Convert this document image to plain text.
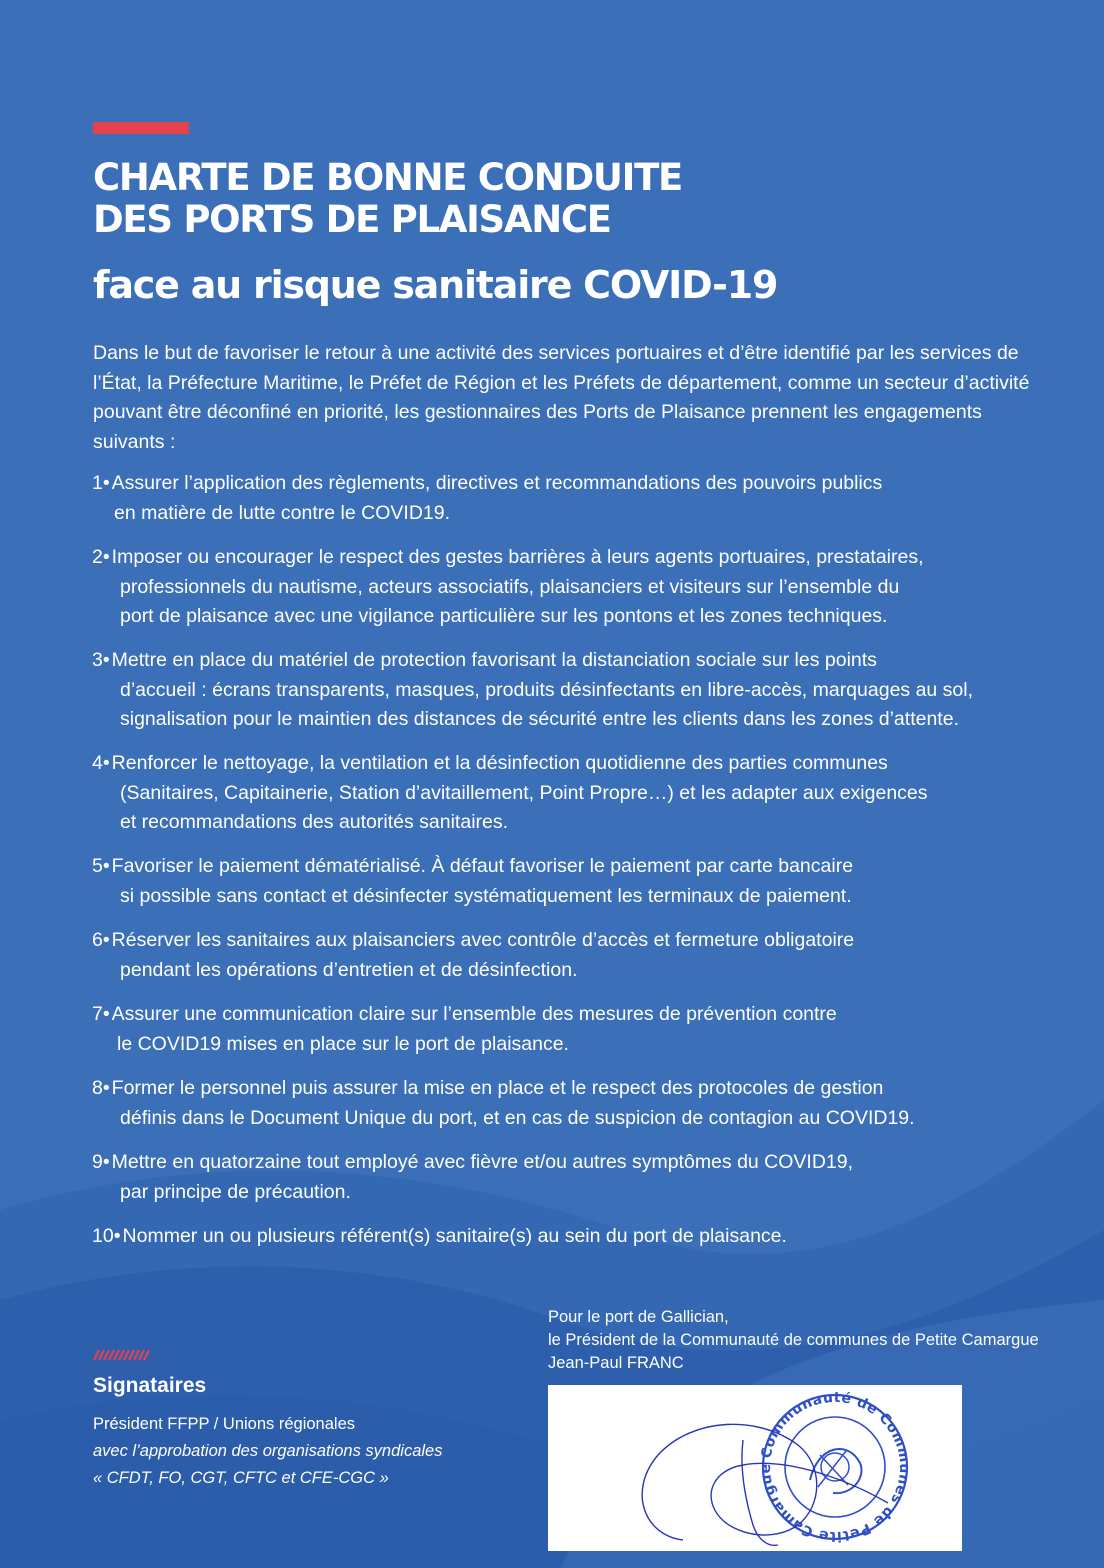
CHARTE DE BONNE CONDUITE
DES PORTS DE PLAISANCE
face au risque sanitaire COVID-19

Dans le but de favoriser le retour à une activité des services portuaires et d’être identifié par les services de l’État, la Préfecture Maritime, le Préfet de Région et les Préfets de département, comme un secteur d’activité pouvant être déconfiné en priorité, les gestionnaires des Ports de Plaisance prennent les engagements suivants :

1• Assurer l’application des règlements, directives et recommandations des pouvoirs publics
en matière de lutte contre le COVID19.
2• Imposer ou encourager le respect des gestes barrières à leurs agents portuaires, prestataires,
professionnels du nautisme, acteurs associatifs, plaisanciers et visiteurs sur l’ensemble du
port de plaisance avec une vigilance particulière sur les pontons et les zones techniques.
3• Mettre en place du matériel de protection favorisant la distanciation sociale sur les points
d’accueil : écrans transparents, masques, produits désinfectants en libre-accès, marquages au sol,
signalisation pour le maintien des distances de sécurité entre les clients dans les zones d’attente.
4• Renforcer le nettoyage, la ventilation et la désinfection quotidienne des parties communes
(Sanitaires, Capitainerie, Station d’avitaillement, Point Propre…) et les adapter aux exigences
et recommandations des autorités sanitaires.
5• Favoriser le paiement dématérialisé. À défaut favoriser le paiement par carte bancaire
si possible sans contact et désinfecter systématiquement les terminaux de paiement.
6• Réserver les sanitaires aux plaisanciers avec contrôle d’accès et fermeture obligatoire
pendant les opérations d’entretien et de désinfection.
7• Assurer une communication claire sur l’ensemble des mesures de prévention contre
le COVID19 mises en place sur le port de plaisance.
8• Former le personnel puis assurer la mise en place et le respect des protocoles de gestion
définis dans le Document Unique du port, et en cas de suspicion de contagion au COVID19.
9• Mettre en quatorzaine tout employé avec fièvre et/ou autres symptômes du COVID19,
par principe de précaution.
10• Nommer un ou plusieurs référent(s) sanitaire(s) au sein du port de plaisance.
Signataires
Président FFPP / Unions régionales
avec l’approbation des organisations syndicales
« CFDT, FO, CGT, CFTC et CFE-CGC »
Pour le port de Gallician,
le Président de la Communauté de communes de Petite Camargue
Jean-Paul FRANC
Communauté de Communes de Petite Camargue
